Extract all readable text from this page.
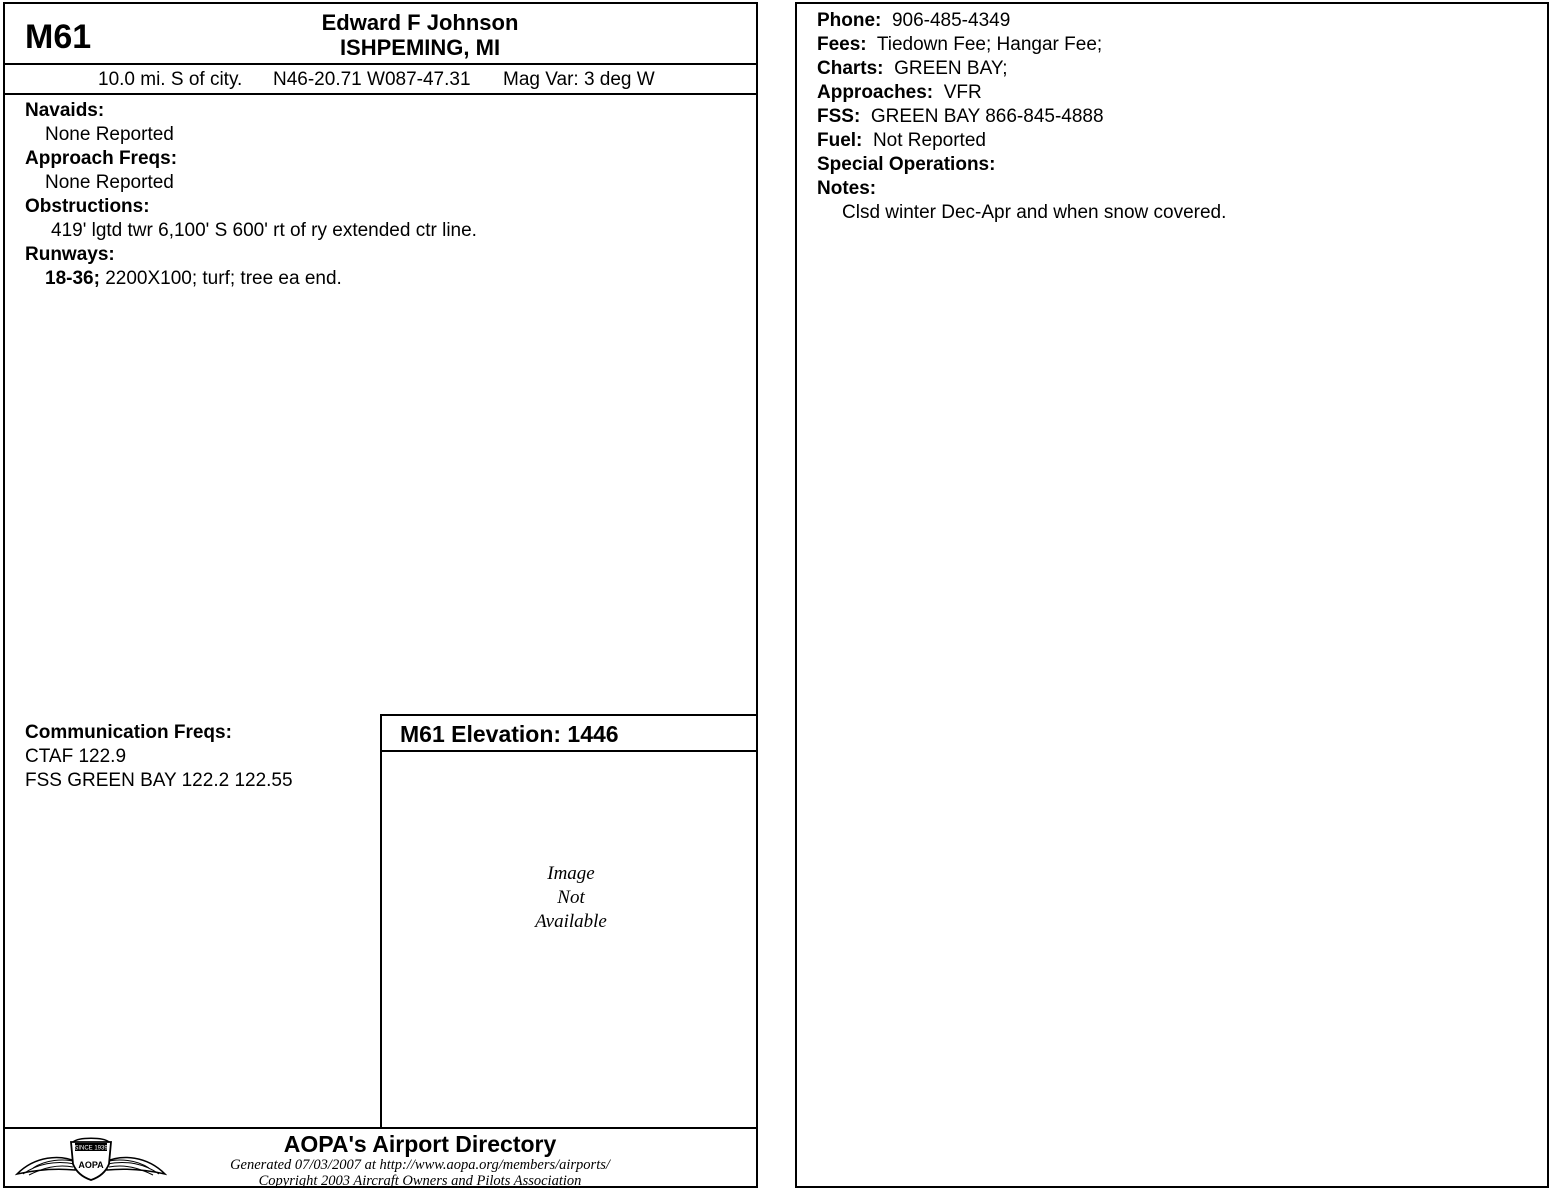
M61	Edward F Johnson
ISHPEMING, MI
10.0 mi. S of city. N46-20.71 W087-47.31 Mag Var: 3 deg W
Navaids:
None Reported
Approach Freqs:
None Reported
Obstructions:
419' lgtd twr 6,100' S 600' rt of ry extended ctr line.
Runways:
18-36; 2200X100; turf; tree ea end.
Communication Freqs:
CTAF 122.9
FSS GREEN BAY 122.2 122.55
M61 Elevation: 1446
Image
Not
Available
SINCE 1939
AOPA
AOPA's Airport Directory
Generated 07/03/2007 at http://www.aopa.org/members/airports/
Copyright 2003 Aircraft Owners and Pilots Association
Phone: 906-485-4349
Fees: Tiedown Fee; Hangar Fee;
Charts: GREEN BAY;
Approaches: VFR
FSS: GREEN BAY 866-845-4888
Fuel: Not Reported
Special Operations:
Notes:
Clsd winter Dec-Apr and when snow covered.
